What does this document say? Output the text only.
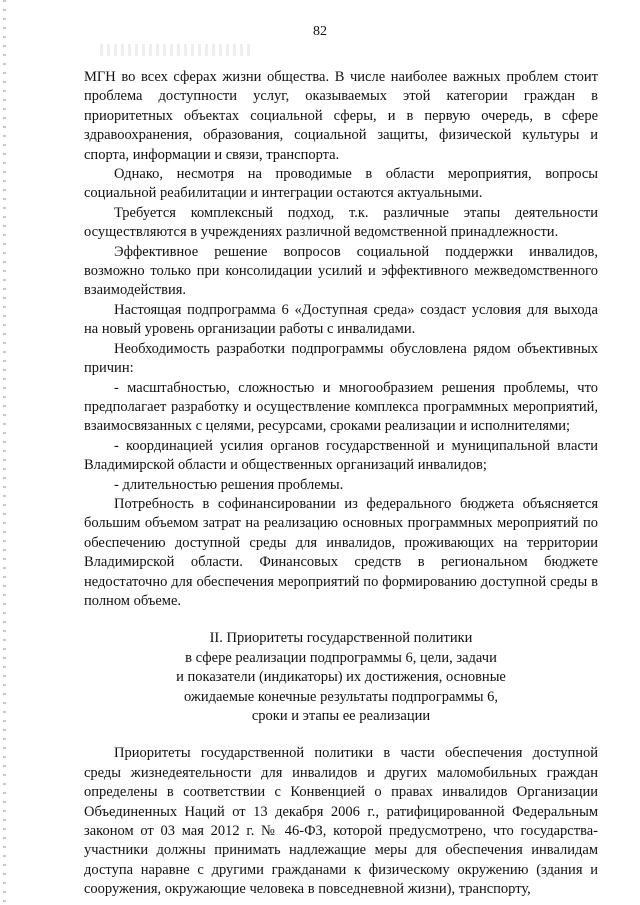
82

МГН во всех сферах жизни общества. В числе наиболее важных проблем стоит проблема доступности услуг, оказываемых этой категории граждан в приоритетных объектах социальной сферы, и в первую очередь, в сфере здравоохранения, образования, социальной защиты, физической культуры и спорта, информации и связи, транспорта.

Однако, несмотря на проводимые в области мероприятия, вопросы социальной реабилитации и интеграции остаются актуальными.

Требуется комплексный подход, т.к. различные этапы деятельности осуществляются в учреждениях различной ведомственной принадлежности.

Эффективное решение вопросов социальной поддержки инвалидов, возможно только при консолидации усилий и эффективного межведомственного взаимодействия.

Настоящая подпрограмма 6 «Доступная среда» создаст условия для выхода на новый уровень организации работы с инвалидами.

Необходимость разработки подпрограммы обусловлена рядом объективных причин:

- масштабностью, сложностью и многообразием решения проблемы, что предполагает разработку и осуществление комплекса программных мероприятий, взаимосвязанных с целями, ресурсами, сроками реализации и исполнителями;

- координацией усилия органов государственной и муниципальной власти Владимирской области и общественных организаций инвалидов;

- длительностью решения проблемы.

Потребность в софинансировании из федерального бюджета объясняется большим объемом затрат на реализацию основных программных мероприятий по обеспечению доступной среды для инвалидов, проживающих на территории Владимирской области. Финансовых средств в региональном бюджете недостаточно для обеспечения мероприятий по формированию доступной среды в полном объеме.

II. Приоритеты государственной политики
в сфере реализации подпрограммы 6, цели, задачи
и показатели (индикаторы) их достижения, основные
ожидаемые конечные результаты подпрограммы 6,
сроки и этапы ее реализации

Приоритеты государственной политики в части обеспечения доступной среды жизнедеятельности для инвалидов и других маломобильных граждан определены в соответствии с Конвенцией о правах инвалидов Организации Объединенных Наций от 13 декабря 2006 г., ратифицированной Федеральным законом от 03 мая 2012 г. № 46-ФЗ, которой предусмотрено, что государства-участники должны принимать надлежащие меры для обеспечения инвалидам доступа наравне с другими гражданами к физическому окружению (здания и сооружения, окружающие человека в повседневной жизни), транспорту,
